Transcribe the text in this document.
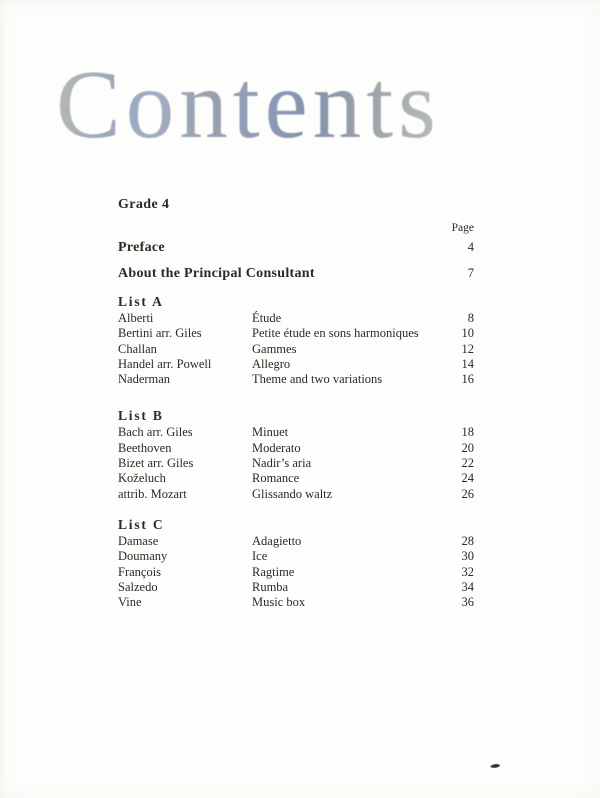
Contents
Grade 4
Page
Preface	4
About the Principal Consultant	7
List A
Alberti	Étude	8
Bertini arr. Giles	Petite étude en sons harmoniques	10
Challan	Gammes	12
Handel arr. Powell	Allegro	14
Naderman	Theme and two variations	16
List B
Bach arr. Giles	Minuet	18
Beethoven	Moderato	20
Bizet arr. Giles	Nadir’s aria	22
Koželuch	Romance	24
attrib. Mozart	Glissando waltz	26
List C
Damase	Adagietto	28
Doumany	Ice	30
François	Ragtime	32
Salzedo	Rumba	34
Vine	Music box	36
